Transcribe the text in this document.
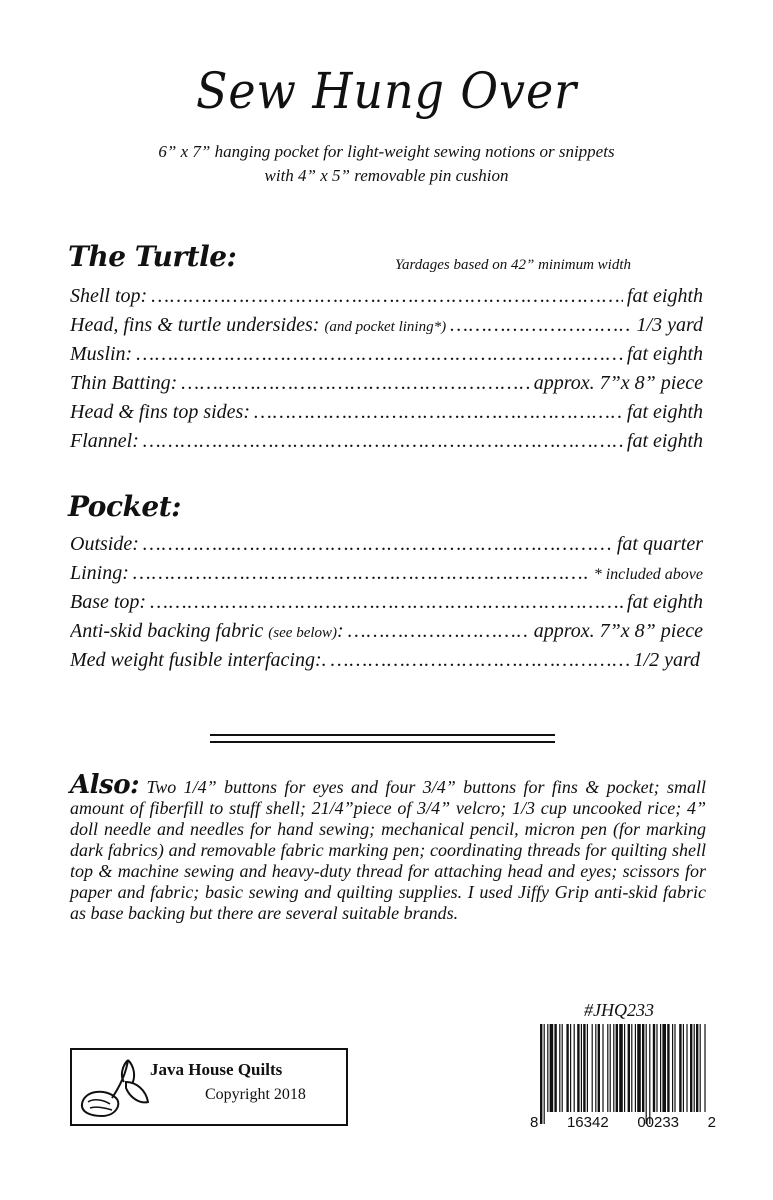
Sew Hung Over
6” x 7” hanging pocket for light-weight sewing notions or snippets
with 4” x 5” removable pin cushion
The Turtle:	Yardages based on 42” minimum width
Shell top: ……………………………………………………………………………………………………………………………………………	fat eighth
Head, fins & turtle undersides: (and pocket lining*) ……………………………………………………………………………………………………………………………………………	1/3 yard
Muslin: ……………………………………………………………………………………………………………………………………………	fat eighth
Thin Batting: ……………………………………………………………………………………………………………………………………………	approx. 7”x 8” piece
Head & fins top sides: ……………………………………………………………………………………………………………………………………………	fat eighth
Flannel: ……………………………………………………………………………………………………………………………………………	fat eighth
Pocket:
Outside: ……………………………………………………………………………………………………………………………………………	fat quarter
Lining: ……………………………………………………………………………………………………………………………………………	* included above
Base top: ……………………………………………………………………………………………………………………………………………	fat eighth
Anti-skid backing fabric (see below): ……………………………………………………………………………………………………………………………………………	approx. 7”x 8” piece
Med weight fusible interfacing:. ……………………………………………………………………………………………………………………………………………	1/2 yard
Also: Two 1/4” buttons for eyes and four 3/4” buttons for fins & pocket; small amount of fiberfill to stuff shell; 21/4”piece of 3/4” velcro; 1/3 cup uncooked rice; 4” doll needle and needles for hand sewing; mechanical pencil, micron pen (for marking dark fabrics) and removable fabric marking pen; coordinating threads for quilting shell top & machine sewing and heavy-duty thread for attaching head and eyes; scissors for paper and fabric; basic sewing and quilting supplies. I used Jiffy Grip anti-skid fabric as base backing but there are several suitable brands.
Java House Quilts
Copyright 2018
#JHQ233
8 16342 00233 2
